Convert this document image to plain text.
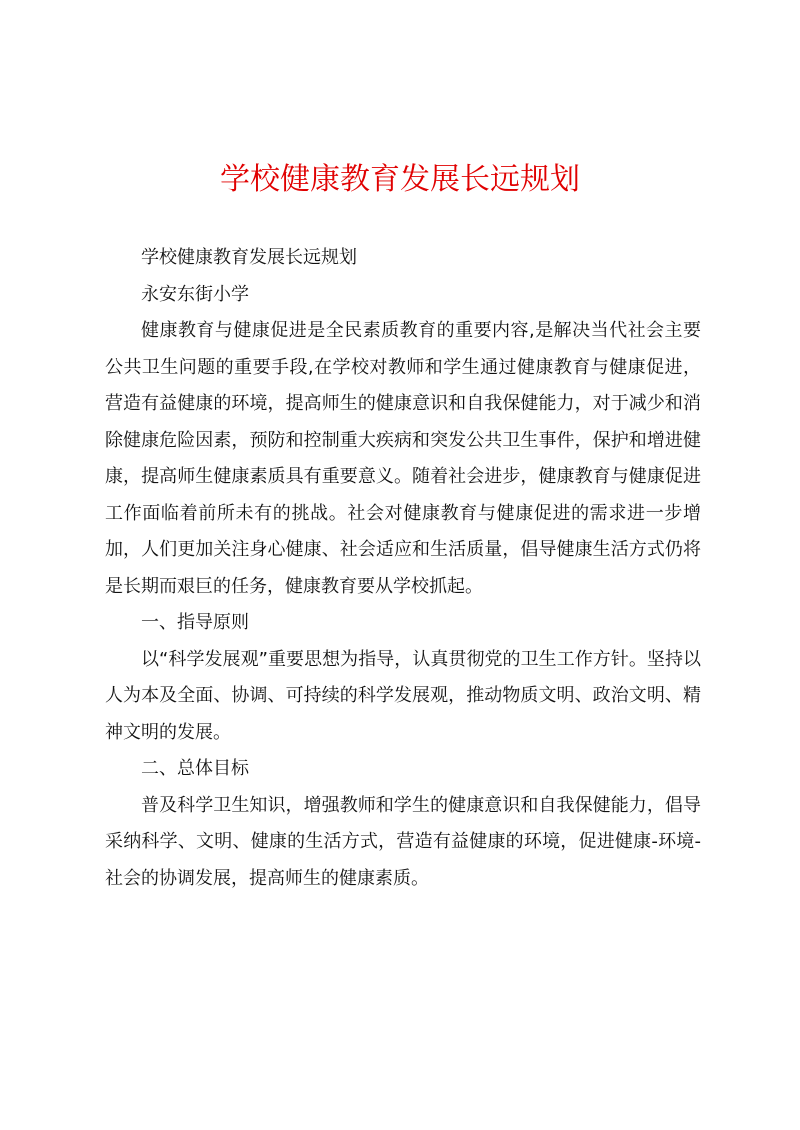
学校健康教育发展长远规划

学校健康教育发展长远规划

永安东街小学

健康教育与健康促进是全民素质教育的重要内容,是解决当代社会主要公共卫生问题的重要手段,在学校对教师和学生通过健康教育与健康促进，营造有益健康的环境，提高师生的健康意识和自我保健能力，对于减少和消除健康危险因素，预防和控制重大疾病和突发公共卫生事件，保护和增进健康，提高师生健康素质具有重要意义。随着社会进步，健康教育与健康促进工作面临着前所未有的挑战。社会对健康教育与健康促进的需求进一步增加，人们更加关注身心健康、社会适应和生活质量，倡导健康生活方式仍将是长期而艰巨的任务，健康教育要从学校抓起。

一、指导原则

以“科学发展观”重要思想为指导，认真贯彻党的卫生工作方针。坚持以人为本及全面、协调、可持续的科学发展观，推动物质文明、政治文明、精神文明的发展。

二、总体目标

普及科学卫生知识，增强教师和学生的健康意识和自我保健能力，倡导采纳科学、文明、健康的生活方式，营造有益健康的环境，促进健康-环境-社会的协调发展，提高师生的健康素质。
